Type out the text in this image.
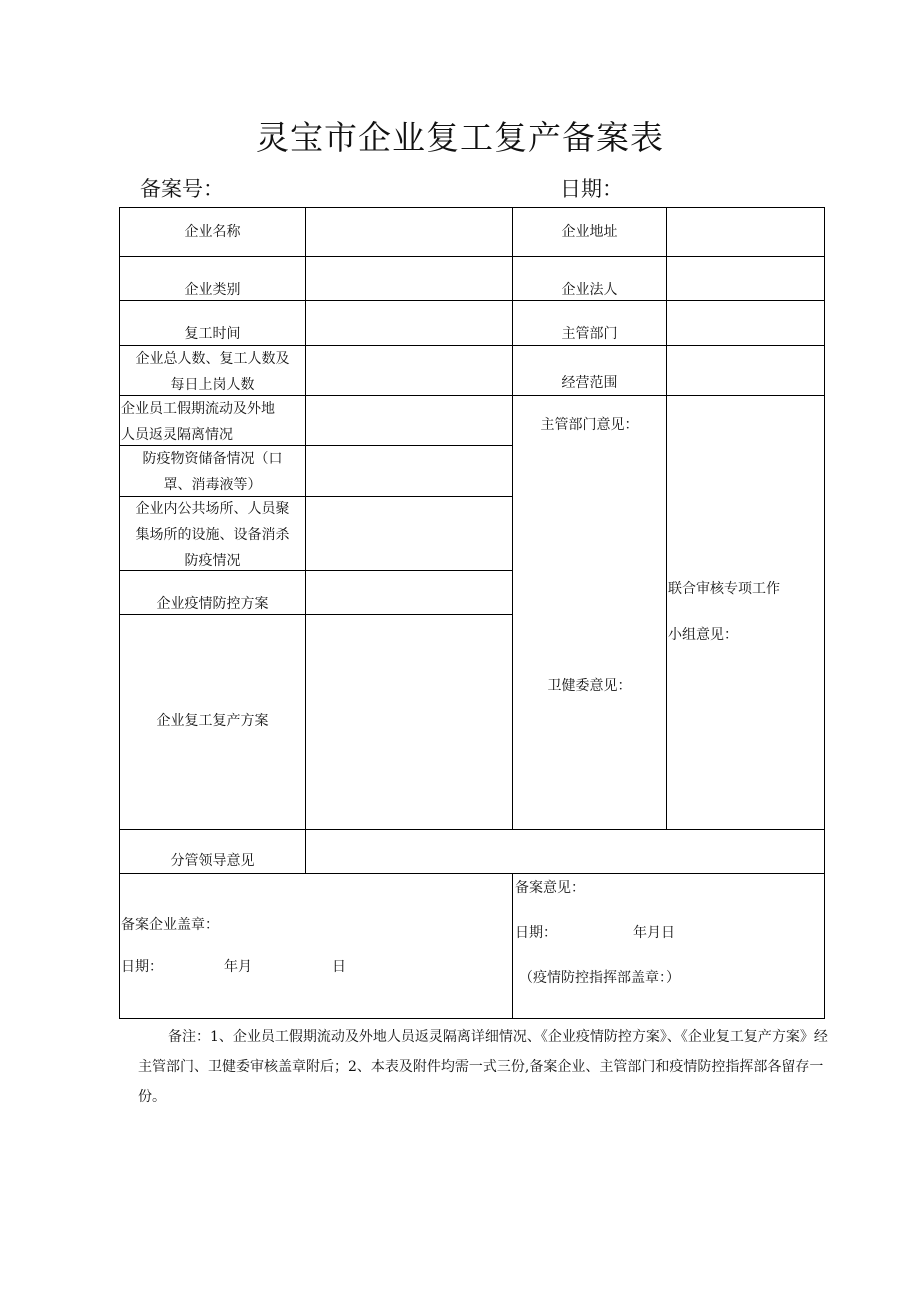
灵宝市企业复工复产备案表
备案号：	日期：
企业名称	企业地址
企业类别	企业法人
复工时间	主管部门
企业总人数、复工人数及
每日上岗人数	经营范围
企业员工假期流动及外地
人员返灵隔离情况
防疫物资储备情况（口
罩、消毒液等）
企业内公共场所、人员聚
集场所的设施、设备消杀
防疫情况
企业疫情防控方案
企业复工复产方案
主管部门意见：
卫健委意见：
联合审核专项工作
小组意见：
分管领导意见
备案企业盖章：
日期：	年月	日
备案意见：
日期：	年月日
（疫情防控指挥部盖章：）
备注：1、企业员工假期流动及外地人员返灵隔离详细情况、《企业疫情防控方案》、《企业复工复产方案》经主管部门、卫健委审核盖章附后；2、本表及附件均需一式三份,备案企业、主管部门和疫情防控指挥部各留存一份。
